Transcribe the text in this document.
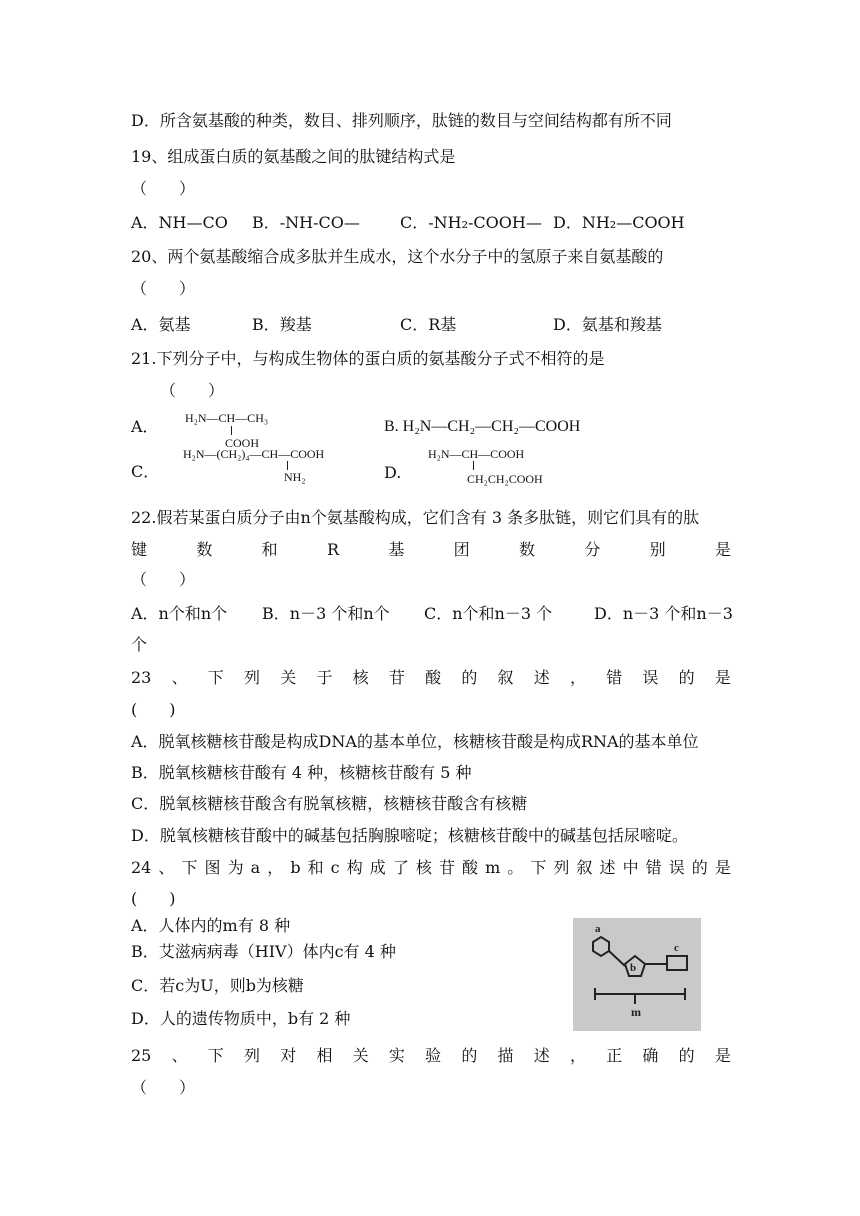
D．所含氨基酸的种类，数目、排列顺序，肽链的数目与空间结构都有所不同
19、组成蛋白质的氨基酸之间的肽键结构式是
（　　）
A．NH—CO B．-NH-CO—	C．-NH₂-COOH— D．NH₂—COOH
20、两个氨基酸缩合成多肽并生成水，这个水分子中的氢原子来自氨基酸的
（　　）
A．氨基	B．羧基	C．R基	D．氨基和羧基
21.下列分子中，与构成生物体的蛋白质的氨基酸分子式不相符的是
（　　）
A． H₂N—CH—CH₃
COOH
B. H₂N—CH₂—CH₂—COOH
C．
H₂N—(CH₂)₄—CH—COOH
NH₂	D.
H₂N—CH—COOH
CH₂CH₂COOH
22.假若某蛋白质分子由n个氨基酸构成，它们含有 3 条多肽链，则它们具有的肽
键	数	和	R	基	团	数	分	别	是
（　　）
A．n个和n个 B．n－3 个和n个 C．n个和n－3 个	D．n－3 个和n－3
个
23 、 下 列 关 于 核 苷 酸 的 叙 述 ， 错 误 的 是
(　　)
A．脱氧核糖核苷酸是构成DNA的基本单位，核糖核苷酸是构成RNA的基本单位
B．脱氧核糖核苷酸有 4 种，核糖核苷酸有 5 种
C．脱氧核糖核苷酸含有脱氧核糖，核糖核苷酸含有核糖
D．脱氧核糖核苷酸中的碱基包括胸腺嘧啶；核糖核苷酸中的碱基包括尿嘧啶。
24 、 下 图 为 a ， b 和 c 构 成 了 核 苷 酸 m 。 下 列 叙 述 中 错 误 的 是
(　　)
A．人体内的m有 8 种
B．艾滋病病毒（HIV）体内c有 4 种
C．若c为U，则b为核糖
D．人的遗传物质中，b有 2 种
a
b
c
m
25 、 下 列 对 相 关 实 验 的 描 述 ， 正 确 的 是
（　　）
